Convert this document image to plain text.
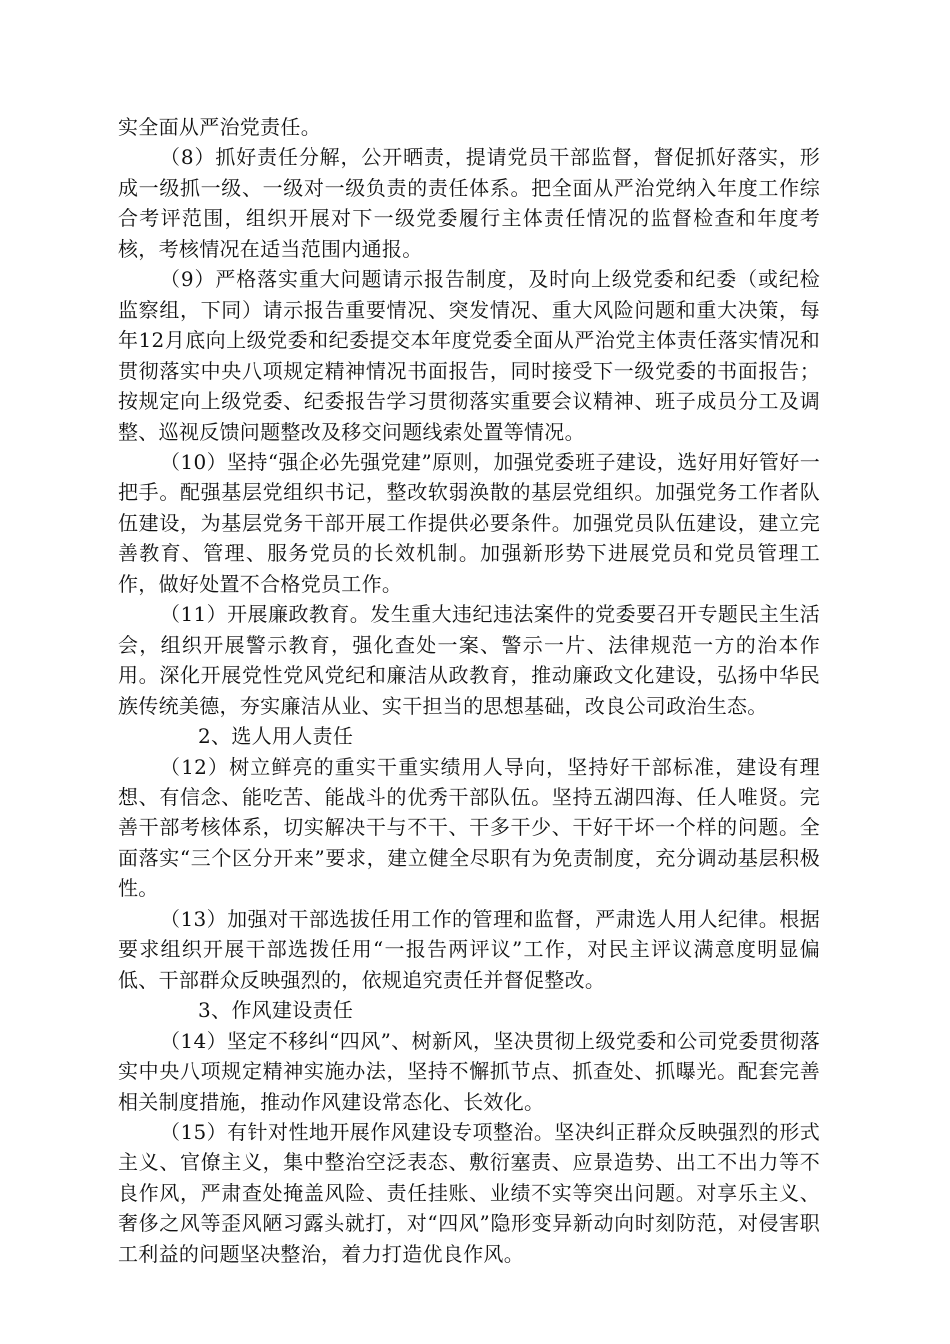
实全面从严治党责任。

（8）抓好责任分解，公开晒责，提请党员干部监督，督促抓好落实，形成一级抓一级、一级对一级负责的责任体系。把全面从严治党纳入年度工作综合考评范围，组织开展对下一级党委履行主体责任情况的监督检查和年度考核，考核情况在适当范围内通报。

（9）严格落实重大问题请示报告制度，及时向上级党委和纪委（或纪检监察组，下同）请示报告重要情况、突发情况、重大风险问题和重大决策，每年12月底向上级党委和纪委提交本年度党委全面从严治党主体责任落实情况和贯彻落实中央八项规定精神情况书面报告，同时接受下一级党委的书面报告；按规定向上级党委、纪委报告学习贯彻落实重要会议精神、班子成员分工及调整、巡视反馈问题整改及移交问题线索处置等情况。

（10）坚持“强企必先强党建”原则，加强党委班子建设，选好用好管好一把手。配强基层党组织书记，整改软弱涣散的基层党组织。加强党务工作者队伍建设，为基层党务干部开展工作提供必要条件。加强党员队伍建设，建立完善教育、管理、服务党员的长效机制。加强新形势下进展党员和党员管理工作，做好处置不合格党员工作。

（11）开展廉政教育。发生重大违纪违法案件的党委要召开专题民主生活会，组织开展警示教育，强化查处一案、警示一片、法律规范一方的治本作用。深化开展党性党风党纪和廉洁从政教育，推动廉政文化建设，弘扬中华民族传统美德，夯实廉洁从业、实干担当的思想基础，改良公司政治生态。

2、选人用人责任

（12）树立鲜亮的重实干重实绩用人导向，坚持好干部标准，建设有理想、有信念、能吃苦、能战斗的优秀干部队伍。坚持五湖四海、任人唯贤。完善干部考核体系，切实解决干与不干、干多干少、干好干坏一个样的问题。全面落实“三个区分开来”要求，建立健全尽职有为免责制度，充分调动基层积极性。

（13）加强对干部选拔任用工作的管理和监督，严肃选人用人纪律。根据要求组织开展干部选拨任用“一报告两评议”工作，对民主评议满意度明显偏低、干部群众反映强烈的，依规追究责任并督促整改。

3、作风建设责任

（14）坚定不移纠“四风”、树新风，坚决贯彻上级党委和公司党委贯彻落实中央八项规定精神实施办法，坚持不懈抓节点、抓查处、抓曝光。配套完善相关制度措施，推动作风建设常态化、长效化。

（15）有针对性地开展作风建设专项整治。坚决纠正群众反映强烈的形式主义、官僚主义，集中整治空泛表态、敷衍塞责、应景造势、出工不出力等不良作风，严肃查处掩盖风险、责任挂账、业绩不实等突出问题。对享乐主义、奢侈之风等歪风陋习露头就打，对“四风”隐形变异新动向时刻防范，对侵害职工利益的问题坚决整治，着力打造优良作风。
